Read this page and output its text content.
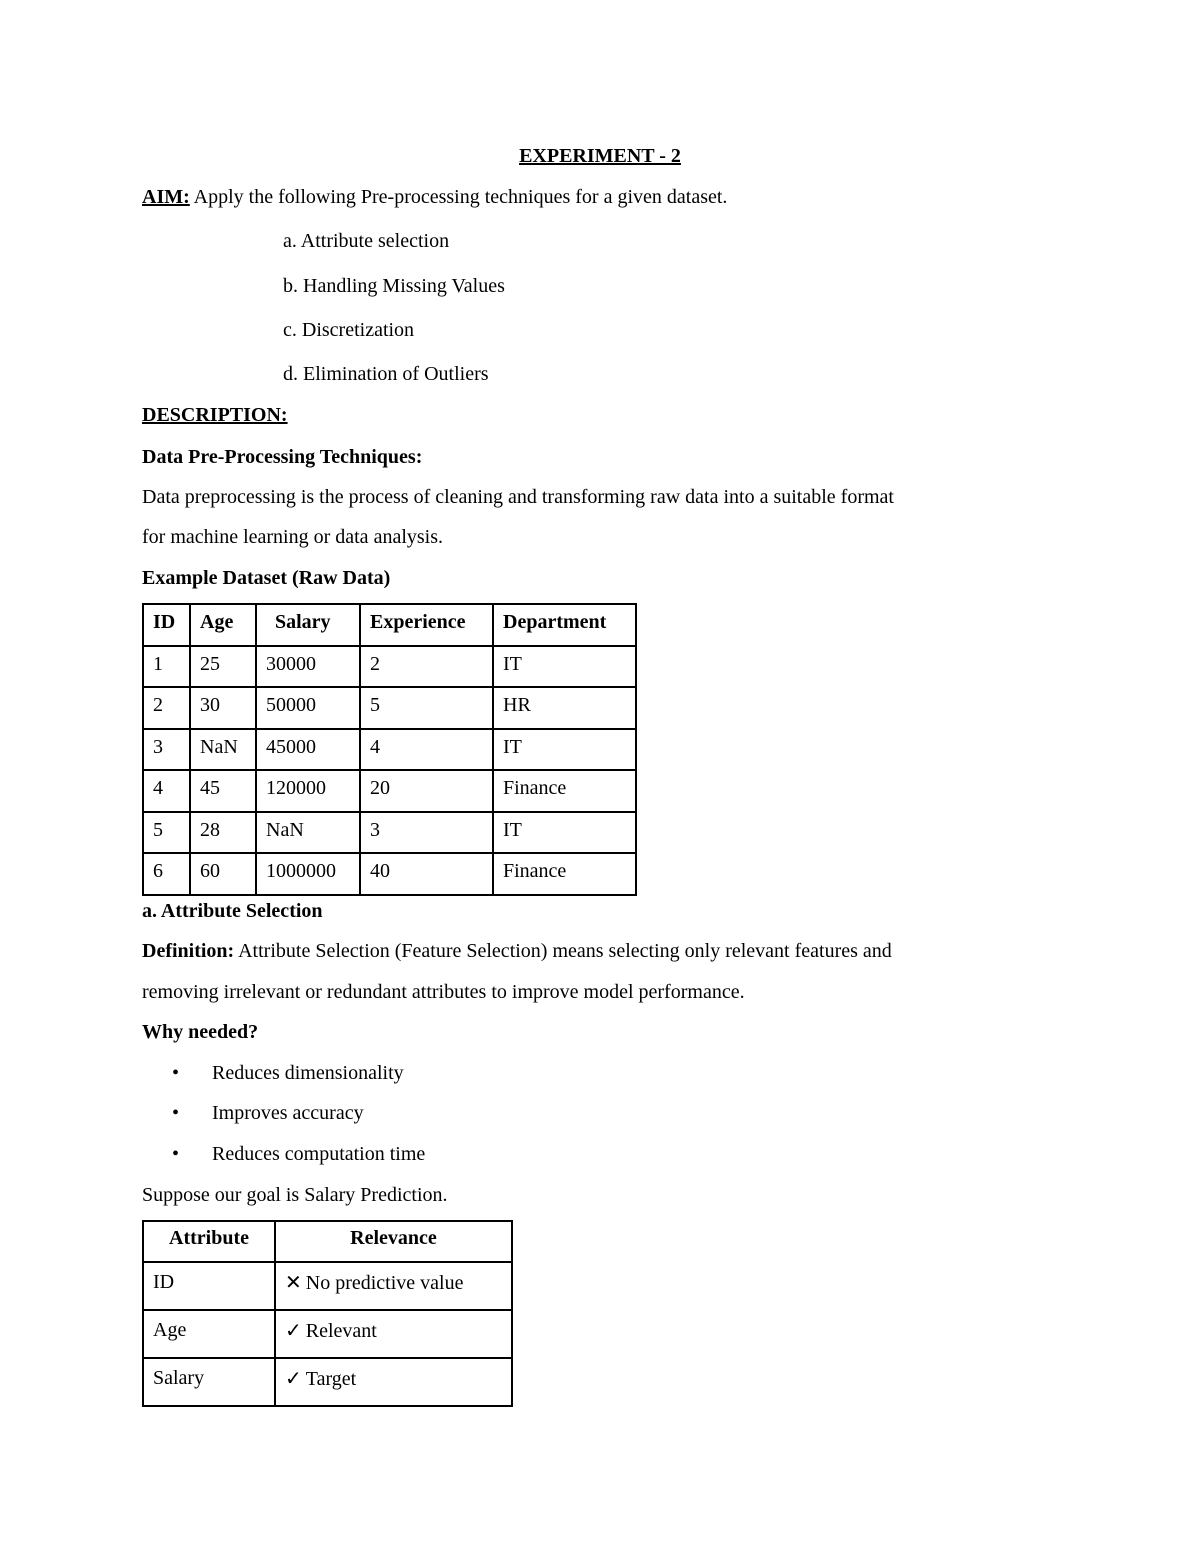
EXPERIMENT - 2
AIM: Apply the following Pre-processing techniques for a given dataset.
a. Attribute selection
b. Handling Missing Values
c. Discretization
d. Elimination of Outliers
DESCRIPTION:
Data Pre-Processing Techniques:
Data preprocessing is the process of cleaning and transforming raw data into a suitable format
for machine learning or data analysis.
Example Dataset (Raw Data)
ID	Age	Salary	Experience	Department
1	25	30000	2	IT
2	30	50000	5	HR
3	NaN	45000	4	IT
4	45	120000	20	Finance
5	28	NaN	3	IT
6	60	1000000	40	Finance
a. Attribute Selection
Definition: Attribute Selection (Feature Selection) means selecting only relevant features and
removing irrelevant or redundant attributes to improve model performance.
Why needed?
• Reduces dimensionality
• Improves accuracy
• Reduces computation time
Suppose our goal is Salary Prediction.
Attribute	Relevance
ID	✕ No predictive value
Age	✓ Relevant
Salary	✓ Target
